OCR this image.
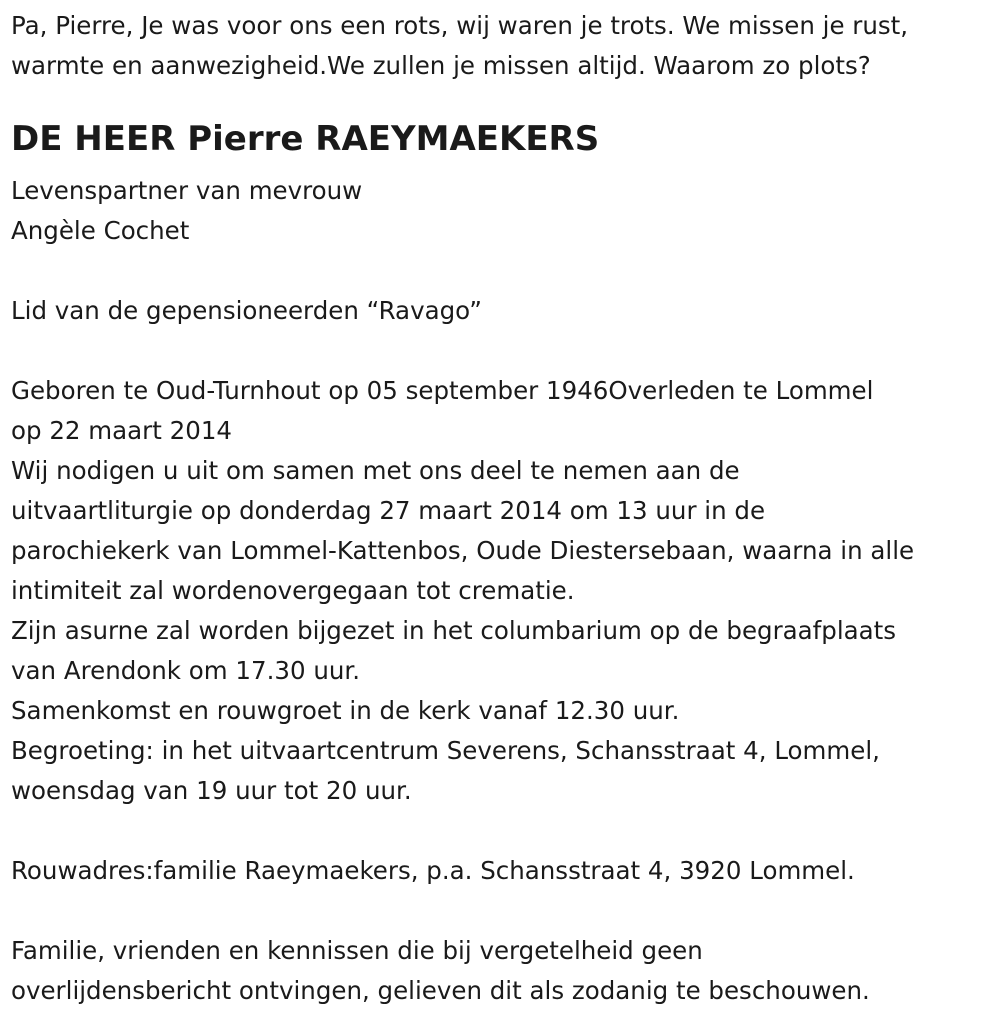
Pa, Pierre, Je was voor ons een rots, wij waren je trots. We missen je rust,
warmte en aanwezigheid.We zullen je missen altijd. Waarom zo plots?
DE HEER Pierre RAEYMAEKERS
Levenspartner van mevrouw
Angèle Cochet
Lid van de gepensioneerden “Ravago”
Geboren te Oud-Turnhout op 05 september 1946Overleden te Lommel
op 22 maart 2014
Wij nodigen u uit om samen met ons deel te nemen aan de
uitvaartliturgie op donderdag 27 maart 2014 om 13 uur in de
parochiekerk van Lommel-Kattenbos, Oude Diestersebaan, waarna in alle
intimiteit zal wordenovergegaan tot crematie.
Zijn asurne zal worden bijgezet in het columbarium op de begraafplaats
van Arendonk om 17.30 uur.
Samenkomst en rouwgroet in de kerk vanaf 12.30 uur.
Begroeting: in het uitvaartcentrum Severens, Schansstraat 4, Lommel,
woensdag van 19 uur tot 20 uur.
Rouwadres:familie Raeymaekers, p.a. Schansstraat 4, 3920 Lommel.
Familie, vrienden en kennissen die bij vergetelheid geen
overlijdensbericht ontvingen, gelieven dit als zodanig te beschouwen.
